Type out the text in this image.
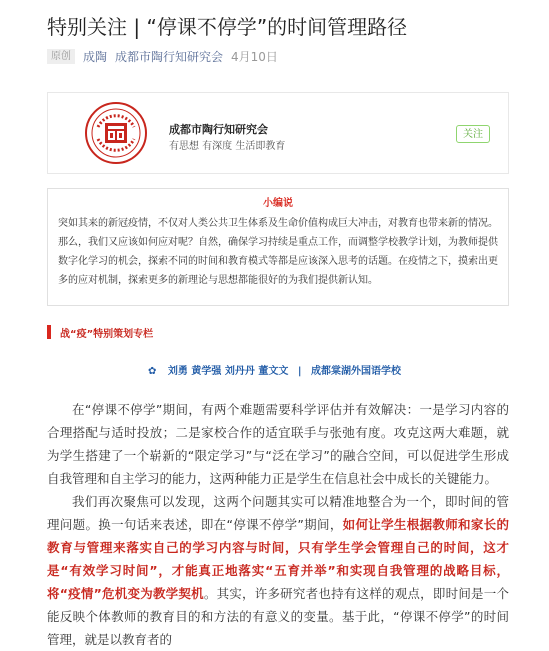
特别关注 | “停课不停学”的时间管理路径
原创	成陶 成都市陶行知研究会 4月10日
成都市陶行知研究会
有思想 有深度 生活即教育
关注
小编说
突如其来的新冠疫情，不仅对人类公共卫生体系及生命价值构成巨大冲击，对教育也带来新的情况。那么，我们又应该如何应对呢？自然，确保学习持续是重点工作，而调整学校教学计划，为教师提供数字化学习的机会，探索不同的时间和教育模式等都是应该深入思考的话题。在疫情之下，摸索出更多的应对机制，探索更多的新理论与思想都能很好的为我们提供新认知。
战“疫”特别策划专栏
✿ 刘勇 黄学强 刘丹丹 董文文 | 成都棠湖外国语学校
在“停课不停学”期间，有两个难题需要科学评估并有效解决：一是学习内容的合理搭配与适时投放；二是家校合作的适宜联手与张弛有度。攻克这两大难题，就为学生搭建了一个崭新的“限定学习”与“泛在学习”的融合空间，可以促进学生形成自我管理和自主学习的能力，这两种能力正是学生在信息社会中成长的关键能力。
我们再次聚焦可以发现，这两个问题其实可以精准地整合为一个，即时间的管理问题。换一句话来表述，即在“停课不停学”期间，如何让学生根据教师和家长的教育与管理来落实自己的学习内容与时间，只有学生学会管理自己的时间，这才是“有效学习时间”，才能真正地落实“五育并举”和实现自我管理的战略目标，将“疫情”危机变为教学契机。其实，许多研究者也持有这样的观点，即时间是一个能反映个体教师的教育目的和方法的有意义的变量。基于此，“停课不停学”的时间管理，就是以教育者的
